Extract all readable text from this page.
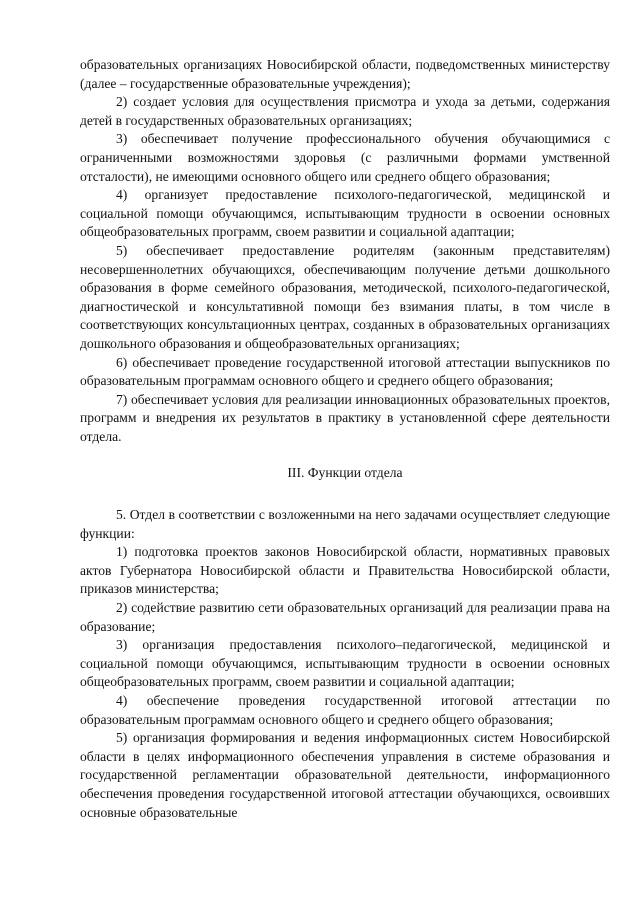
образовательных организациях Новосибирской области, подведомственных министерству (далее – государственные образовательные учреждения);

2) создает условия для осуществления присмотра и ухода за детьми, содержания детей в государственных образовательных организациях;

3) обеспечивает получение профессионального обучения обучающимися с ограниченными возможностями здоровья (с различными формами умственной отсталости), не имеющими основного общего или среднего общего образования;

4) организует предоставление психолого-педагогической, медицинской и социальной помощи обучающимся, испытывающим трудности в освоении основных общеобразовательных программ, своем развитии и социальной адаптации;

5) обеспечивает предоставление родителям (законным представителям) несовершеннолетних обучающихся, обеспечивающим получение детьми дошкольного образования в форме семейного образования, методической, психолого-педагогической, диагностической и консультативной помощи без взимания платы, в том числе в соответствующих консультационных центрах, созданных в образовательных организациях дошкольного образования и общеобразовательных организациях;

6) обеспечивает проведение государственной итоговой аттестации выпускников по образовательным программам основного общего и среднего общего образования;

7) обеспечивает условия для реализации инновационных образовательных проектов, программ и внедрения их результатов в практику в установленной сфере деятельности отдела.

III. Функции отдела

5. Отдел в соответствии с возложенными на него задачами осуществляет следующие функции:

1) подготовка проектов законов Новосибирской области, нормативных правовых актов Губернатора Новосибирской области и Правительства Новосибирской области, приказов министерства;

2) содействие развитию сети образовательных организаций для реализации права на образование;

3) организация предоставления психолого–педагогической, медицинской и социальной помощи обучающимся, испытывающим трудности в освоении основных общеобразовательных программ, своем развитии и социальной адаптации;

4) обеспечение проведения государственной итоговой аттестации по образовательным программам основного общего и среднего общего образования;

5) организация формирования и ведения информационных систем Новосибирской области в целях информационного обеспечения управления в системе образования и государственной регламентации образовательной деятельности, информационного обеспечения проведения государственной итоговой аттестации обучающихся, освоивших основные образовательные
